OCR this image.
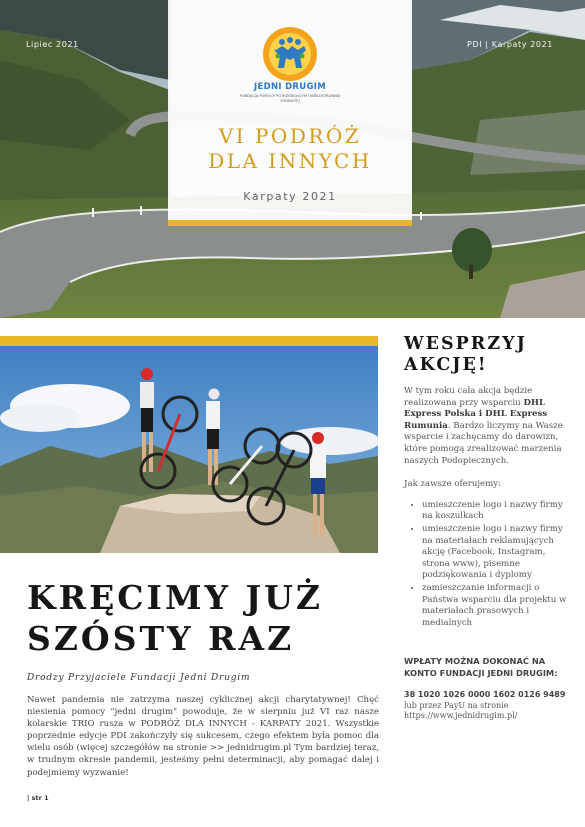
Lipiec 2021	PDI | Karpaty 2021
JEDNI DRUGIM
FUNDACJA POMOCY POTRZEBUJĄCYM i WIELOSTRONNEJ OSOBISTEJ
VI PODRÓŻ
DLA INNYCH
Karpaty 2021
KRĘCIMY JUŻ
SZÓSTY RAZ
Drodzy Przyjaciele Fundacji Jedni Drugim
Nawet pandemia nie zatrzyma naszej cyklicznej akcji charytatywnej! Chęć niesienia pomocy "jedni drugim" powoduje, że w sierpniu już VI raz nasze kolarskie TRIO rusza w PODRÓŻ DLA INNYCH - KARPATY 2021. Wszystkie poprzednie edycje PDI zakończyły się sukcesem, czego efektem była pomoc dla wielu osób (więcej szczegółów na stronie >> jednidrugim.pl Tym bardziej teraz, w trudnym okresie pandemii, jesteśmy pełni determinacji, aby pomagać dalej i podejmiemy wyzwanie!
| str 1
WESPRZYJ
AKCJĘ!

W tym roku cała akcja będzie realizowana przy wsparciu DHL Express Polska i DHL Express Rumunia. Bardzo liczymy na Wasze wsparcie i zachęcamy do darowizn, które pomogą zrealizować marzenia naszych Podopiecznych.

Jak zawsze oferujemy:

• umieszczenie logo i nazwy firmy na koszulkach
• umieszczenie logo i nazwy firmy na materiałach reklamujących akcję (Facebook, Instagram, strona www), pisemne podziękowania i dyplomy
• zamieszczanie informacji o Państwa wsparciu dla projektu w materiałach prasowych i medialnych

WPŁATY MOŻNA DOKONAĆ NA KONTO FUNDACJI JEDNI DRUGIM:

38 1020 1026 0000 1602 0126 9489
lub przez PayU na stronie https://www.jednidrugim.pl/
